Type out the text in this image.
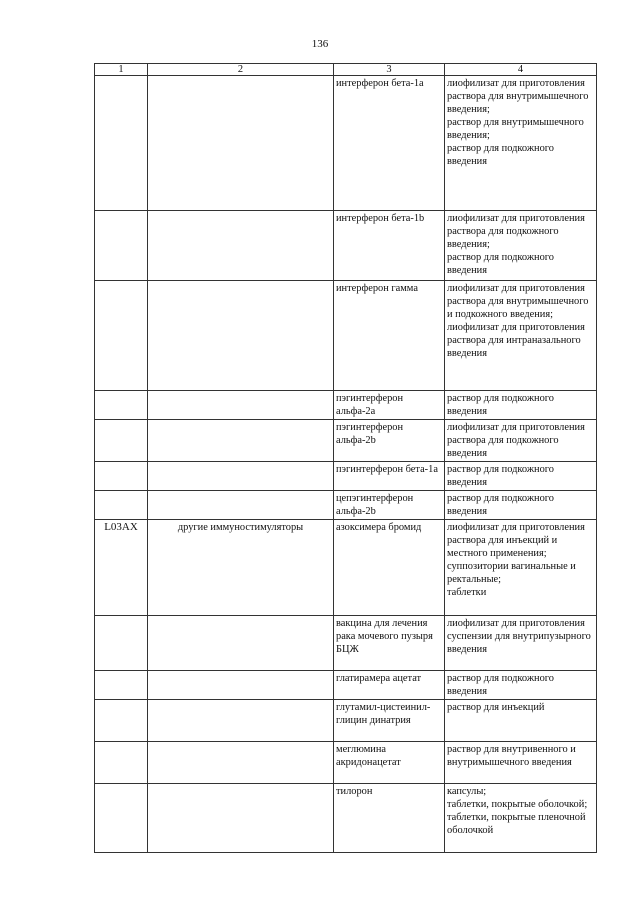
136
1	2	3	4
		интерферон бета-1a	лиофилизат для приготовления раствора для внутримышечного введения;
раствор для внутримышечного введения;
раствор для подкожного введения
		интерферон бета-1b	лиофилизат для приготовления раствора для подкожного введения;
раствор для подкожного введения
		интерферон гамма	лиофилизат для приготовления раствора для внутримышечного и подкожного введения;
лиофилизат для приготовления раствора для интраназального введения
		пэгинтерферон альфа-2a	раствор для подкожного введения
		пэгинтерферон альфа-2b	лиофилизат для приготовления раствора для подкожного введения
		пэгинтерферон бета-1a	раствор для подкожного введения
		цепэгинтерферон альфа-2b	раствор для подкожного введения
L03AX	другие иммуностимуляторы	азоксимера бромид	лиофилизат для приготовления раствора для инъекций и местного применения;
суппозитории вагинальные и ректальные;
таблетки
		вакцина для лечения рака мочевого пузыря БЦЖ	лиофилизат для приготовления суспензии для внутрипузырного введения
		глатирамера ацетат	раствор для подкожного введения
		глутамил-цистеинил-глицин динатрия	раствор для инъекций
		меглюмина акридонацетат	раствор для внутривенного и внутримышечного введения
		тилорон	капсулы;
таблетки, покрытые оболочкой;
таблетки, покрытые пленочной оболочкой
